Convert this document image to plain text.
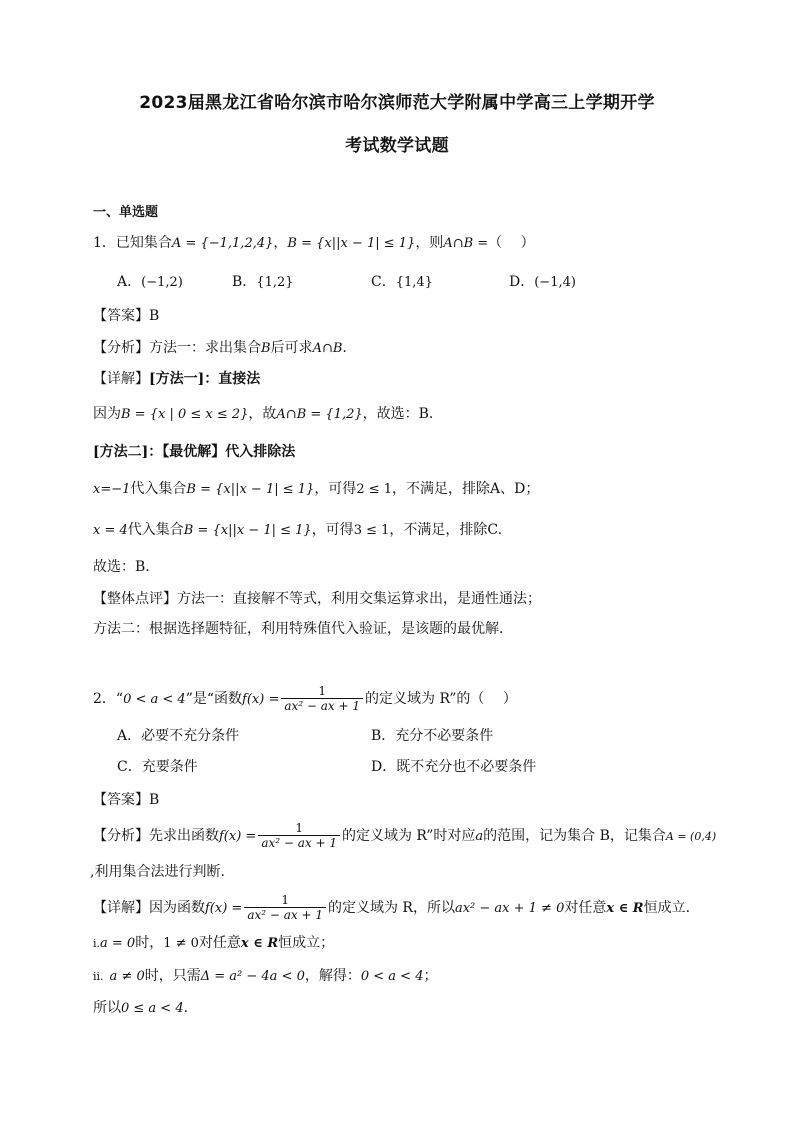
2023届黑龙江省哈尔滨市哈尔滨师范大学附属中学高三上学期开学
考试数学试题
一、单选题
1．已知集合A = {−1,1,2,4}，B = {x||x − 1| ≤ 1}，则A∩B =（　 ）
A．(−1,2)	B．{1,2}	C．{1,4}	D．(−1,4)
【答案】B
【分析】方法一：求出集合B后可求A∩B.
【详解】[方法一]：直接法
因为B = {x | 0 ≤ x ≤ 2}，故A∩B = {1,2}，故选：B.
[方法二]：【最优解】代入排除法
x=−1代入集合B = {x||x − 1| ≤ 1}，可得2 ≤ 1，不满足，排除A、D；
x = 4代入集合B = {x||x − 1| ≤ 1}，可得3 ≤ 1，不满足，排除C.
故选：B.
【整体点评】方法一：直接解不等式，利用交集运算求出，是通性通法；
方法二：根据选择题特征，利用特殊值代入验证，是该题的最优解．
2．“0 < a < 4”是“函数$f(x) = \frac{1}{\text{ax² − ax + 1}}$ 的定义域为 R”的（　 ）
A．必要不充分条件	B．充分不必要条件
C．充要条件	D．既不充分也不必要条件
【答案】B
【分析】先求出函数$f(x) = \frac{1}{\text{ax² − ax + 1}}$ 的定义域为 R”时对应a的范围，记为集合 B，记集合A = (0,4)
,利用集合法进行判断.
【详解】因为函数$f(x) = \frac{1}{\text{ax² − ax + 1}}$ 的定义域为 R，所以ax² − ax + 1 ≠ 0对任意x ∈ R恒成立.
i.a = 0时，1 ≠ 0对任意x ∈ R恒成立；
ii. a ≠ 0时，只需Δ = a² − 4a < 0，解得：0 < a < 4；
所以0 ≤ a < 4.
